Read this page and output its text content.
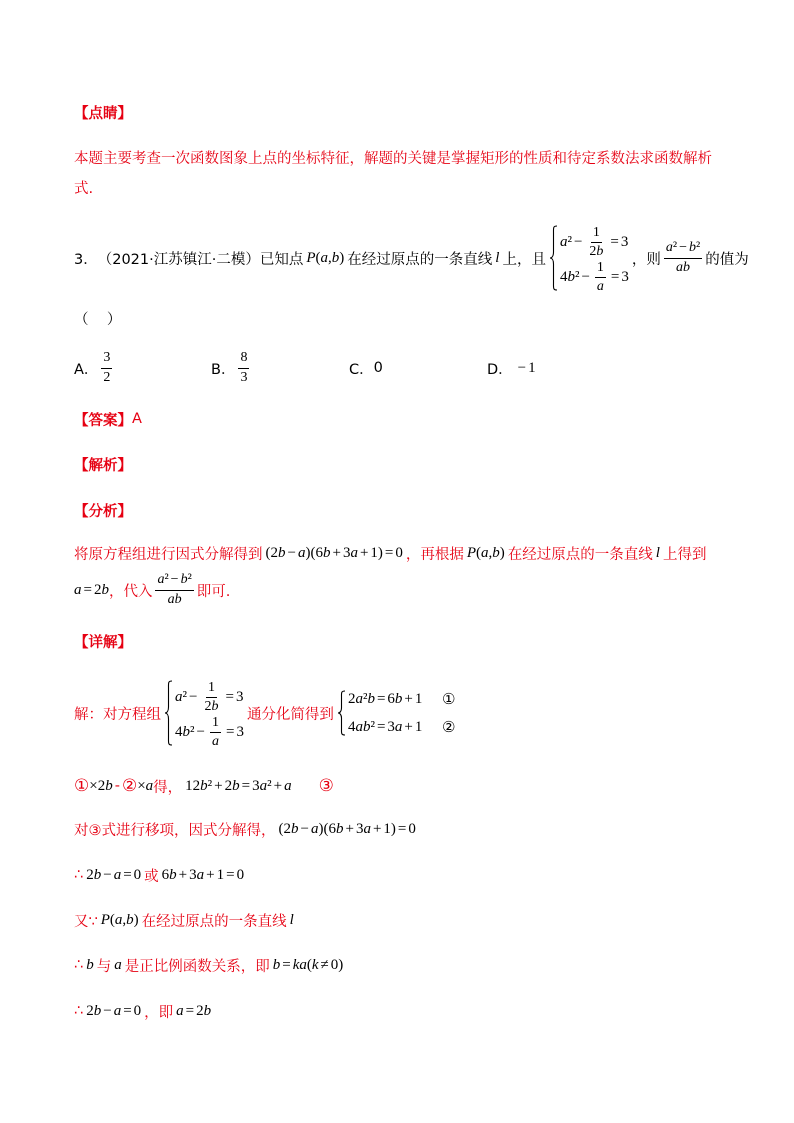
【点睛】
本题主要考查一次函数图象上点的坐标特征，解题的关键是掌握矩形的性质和待定系数法求函数解析
式.
3． （2021·江苏镇江·二模） 已知点 P(a,b) 在经过原点的一条直线 l 上，且
$a^2 - \frac{1}{2b} = 3$
$4b^2 - \frac{1}{a} = 3$
，则 $\frac{\text{a² − b²}}{ab}$ 的值为
（    ）
A． $\frac{3}{2}$	B． $\frac{8}{3}$	C． 0	D． − 1
【答案】 A
【解析】
【分析】
将原方程组进行因式分解得到 (2b − a)(6b + 3a + 1) = 0 ，再根据 P(a,b) 在经过原点的一条直线 l 上得到
a = 2b ，代入 $\frac{\text{a² − b²}}{ab}$ 即可.
【详解】
解：对方程组
$a^2 - \frac{1}{2b} = 3$
$4b^2 - \frac{1}{a} = 3$
通分化简得到
2a²b = 6b + 1	①
4ab² = 3a + 1	②
① ×2b - ② ×a 得， 12b² + 2b = 3a² + a ③
对③式进行移项，因式分解得， (2b − a)(6b + 3a + 1) = 0
∴ 2b − a = 0 或 6b + 3a + 1 = 0
又∵ P(a,b) 在经过原点的一条直线 l
∴ b 与 a 是正比例函数关系，即 b = ka(k ≠ 0)
∴ 2b − a = 0 ，即 a = 2b
